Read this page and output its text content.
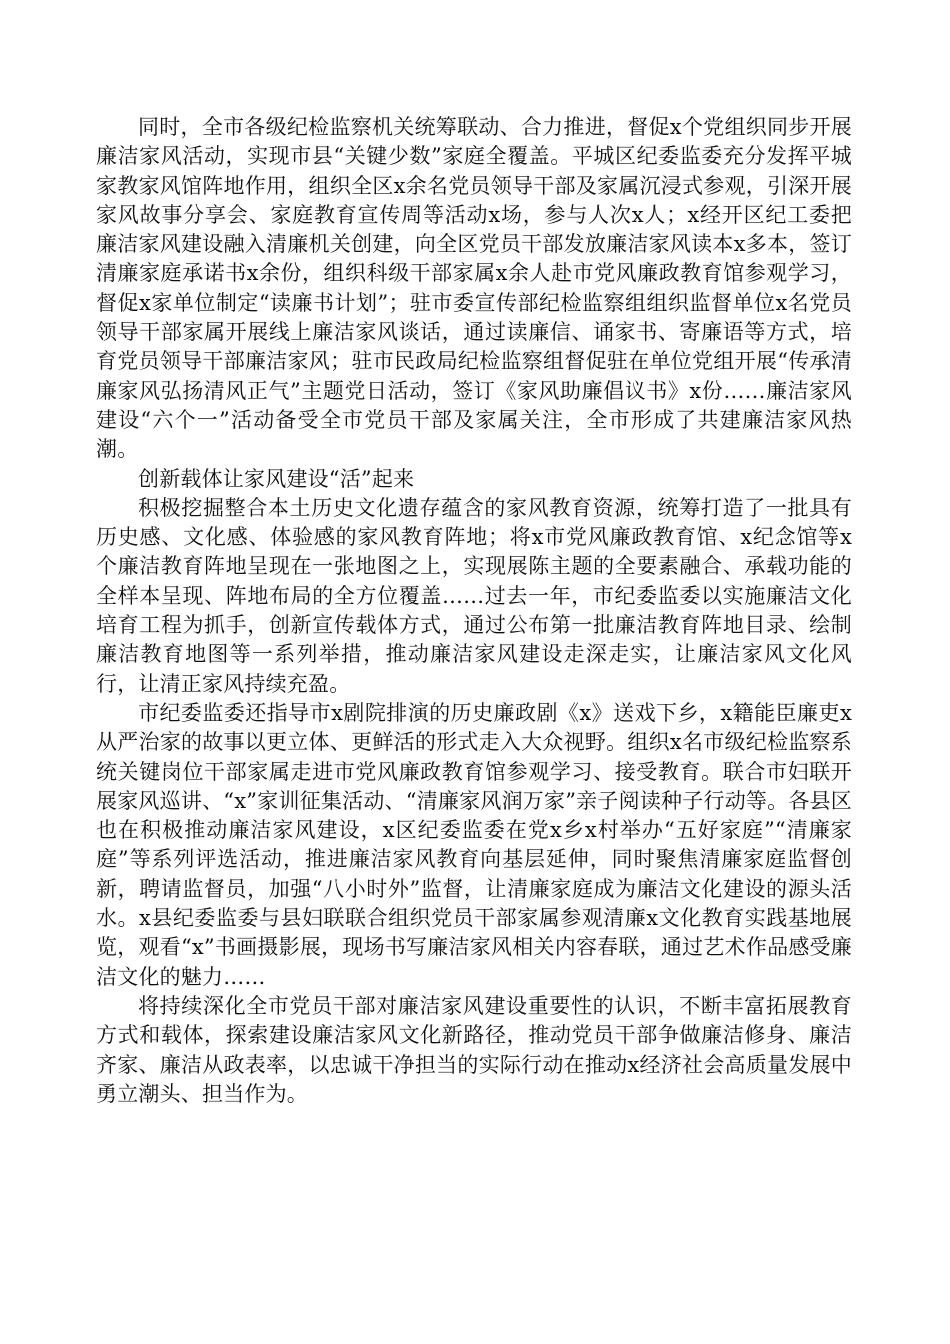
同时，全市各级纪检监察机关统筹联动、合力推进，督促x个党组织同步开展廉洁家风活动，实现市县“关键少数”家庭全覆盖。平城区纪委监委充分发挥平城家教家风馆阵地作用，组织全区x余名党员领导干部及家属沉浸式参观，引深开展家风故事分享会、家庭教育宣传周等活动x场，参与人次x人；x经开区纪工委把廉洁家风建设融入清廉机关创建，向全区党员干部发放廉洁家风读本x多本，签订清廉家庭承诺书x余份，组织科级干部家属x余人赴市党风廉政教育馆参观学习，督促x家单位制定“读廉书计划”；驻市委宣传部纪检监察组组织监督单位x名党员领导干部家属开展线上廉洁家风谈话，通过读廉信、诵家书、寄廉语等方式，培育党员领导干部廉洁家风；驻市民政局纪检监察组督促驻在单位党组开展“传承清廉家风弘扬清风正气”主题党日活动，签订《家风助廉倡议书》x份……廉洁家风建设“六个一”活动备受全市党员干部及家属关注，全市形成了共建廉洁家风热潮。

创新载体让家风建设“活”起来

积极挖掘整合本土历史文化遗存蕴含的家风教育资源，统筹打造了一批具有历史感、文化感、体验感的家风教育阵地；将x市党风廉政教育馆、x纪念馆等x个廉洁教育阵地呈现在一张地图之上，实现展陈主题的全要素融合、承载功能的全样本呈现、阵地布局的全方位覆盖……过去一年，市纪委监委以实施廉洁文化培育工程为抓手，创新宣传载体方式，通过公布第一批廉洁教育阵地目录、绘制廉洁教育地图等一系列举措，推动廉洁家风建设走深走实，让廉洁家风文化风行，让清正家风持续充盈。

市纪委监委还指导市x剧院排演的历史廉政剧《x》送戏下乡，x籍能臣廉吏x从严治家的故事以更立体、更鲜活的形式走入大众视野。组织x名市级纪检监察系统关键岗位干部家属走进市党风廉政教育馆参观学习、接受教育。联合市妇联开展家风巡讲、“x”家训征集活动、“清廉家风润万家”亲子阅读种子行动等。各县区也在积极推动廉洁家风建设，x区纪委监委在党x乡x村举办“五好家庭”“清廉家庭”等系列评选活动，推进廉洁家风教育向基层延伸，同时聚焦清廉家庭监督创新，聘请监督员，加强“八小时外”监督，让清廉家庭成为廉洁文化建设的源头活水。x县纪委监委与县妇联联合组织党员干部家属参观清廉x文化教育实践基地展览，观看“x”书画摄影展，现场书写廉洁家风相关内容春联，通过艺术作品感受廉洁文化的魅力……

将持续深化全市党员干部对廉洁家风建设重要性的认识，不断丰富拓展教育方式和载体，探索建设廉洁家风文化新路径，推动党员干部争做廉洁修身、廉洁齐家、廉洁从政表率，以忠诚干净担当的实际行动在推动x经济社会高质量发展中勇立潮头、担当作为。
